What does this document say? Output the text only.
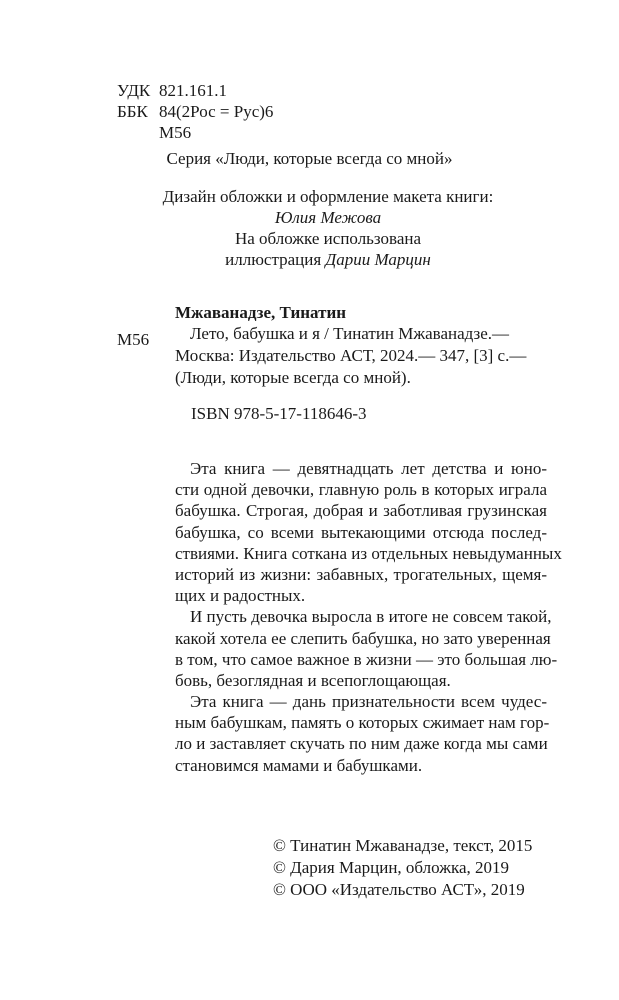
УДК 821.161.1
ББК 84(2Рос = Рус)6
М56
Серия «Люди, которые всегда со мной»
Дизайн обложки и оформление макета книги:
Юлия Межова
На обложке использована
иллюстрация Дарии Марцин
Мжаванадзе, Тинатин
М56	Лето, бабушка и я / Тинатин Мжаванадзе.—
Москва: Издательство АСТ, 2024.— 347, [3] с.—
(Люди, которые всегда со мной).
ISBN 978-5-17-118646-3
Эта книга — девятнадцать лет детства и юно-
сти одной девочки, главную роль в которых играла
бабушка. Строгая, добрая и заботливая грузинская
бабушка, со всеми вытекающими отсюда послед-
ствиями. Книга соткана из отдельных невыдуманных
историй из жизни: забавных, трогательных, щемя-
щих и радостных.
И пусть девочка выросла в итоге не совсем такой,
какой хотела ее слепить бабушка, но зато уверенная
в том, что самое важное в жизни — это большая лю-
бовь, безоглядная и всепоглощающая.
Эта книга — дань признательности всем чудес-
ным бабушкам, память о которых сжимает нам гор-
ло и заставляет скучать по ним даже когда мы сами
становимся мамами и бабушками.
© Тинатин Мжаванадзе, текст, 2015
© Дария Марцин, обложка, 2019
© ООО «Издательство АСТ», 2019
